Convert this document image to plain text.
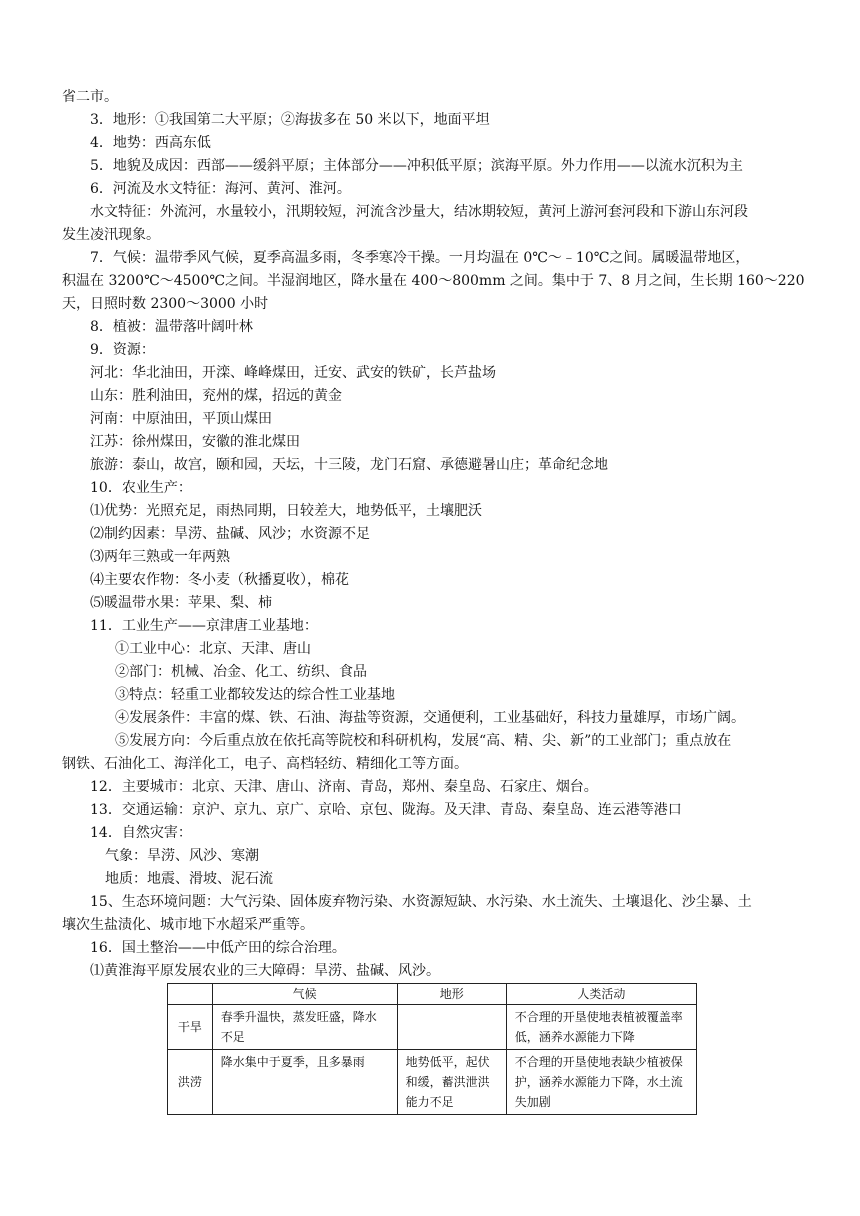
省二市。
3．地形：①我国第二大平原；②海拔多在 50 米以下，地面平坦
4．地势：西高东低
5．地貌及成因：西部——缓斜平原；主体部分——冲积低平原；滨海平原。外力作用——以流水沉积为主
6．河流及水文特征：海河、黄河、淮河。
水文特征：外流河，水量较小，汛期较短，河流含沙量大，结冰期较短，黄河上游河套河段和下游山东河段
发生凌汛现象。
7．气候：温带季风气候，夏季高温多雨，冬季寒冷干操。一月均温在 0℃～﹣10℃之间。属暖温带地区，
积温在 3200℃～4500℃之间。半湿润地区，降水量在 400～800mm 之间。集中于 7、8 月之间，生长期 160～220
天，日照时数 2300～3000 小时
8．植被：温带落叶阔叶林
9．资源：
河北：华北油田，开滦、峰峰煤田，迁安、武安的铁矿，长芦盐场
山东：胜利油田，兖州的煤，招远的黄金
河南：中原油田，平顶山煤田
江苏：徐州煤田，安徽的淮北煤田
旅游：泰山，故宫，颐和园，天坛，十三陵，龙门石窟、承德避暑山庄；革命纪念地
10．农业生产：
⑴优势：光照充足，雨热同期，日较差大，地势低平，土壤肥沃
⑵制约因素：旱涝、盐碱、风沙；水资源不足
⑶两年三熟或一年两熟
⑷主要农作物：冬小麦（秋播夏收），棉花
⑸暖温带水果：苹果、梨、柿
11．工业生产——京津唐工业基地：
①工业中心：北京、天津、唐山
②部门：机械、冶金、化工、纺织、食品
③特点：轻重工业都较发达的综合性工业基地
④发展条件：丰富的煤、铁、石油、海盐等资源，交通便利，工业基础好，科技力量雄厚，市场广阔。
⑤发展方向：今后重点放在依托高等院校和科研机构，发展“高、精、尖、新”的工业部门；重点放在
钢铁、石油化工、海洋化工，电子、高档轻纺、精细化工等方面。
12．主要城市：北京、天津、唐山、济南、青岛，郑州、秦皇岛、石家庄、烟台。
13．交通运输：京沪、京九、京广、京哈、京包、陇海。及天津、青岛、秦皇岛、连云港等港口
14．自然灾害：
气象：旱涝、风沙、寒潮
地质：地震、滑坡、泥石流
15、生态环境问题：大气污染、固体废弃物污染、水资源短缺、水污染、水土流失、土壤退化、沙尘暴、土
壤次生盐渍化、城市地下水超采严重等。
16．国土整治——中低产田的综合治理。
⑴黄淮海平原发展农业的三大障碍：旱涝、盐碱、风沙。
	气候	地形	人类活动
干旱	春季升温快，蒸发旺盛，降水不足		不合理的开垦使地表植被覆盖率低，涵养水源能力下降
洪涝	降水集中于夏季，且多暴雨	地势低平，起伏和缓，蓄洪泄洪能力不足	不合理的开垦使地表缺少植被保护，涵养水源能力下降，水土流失加剧
